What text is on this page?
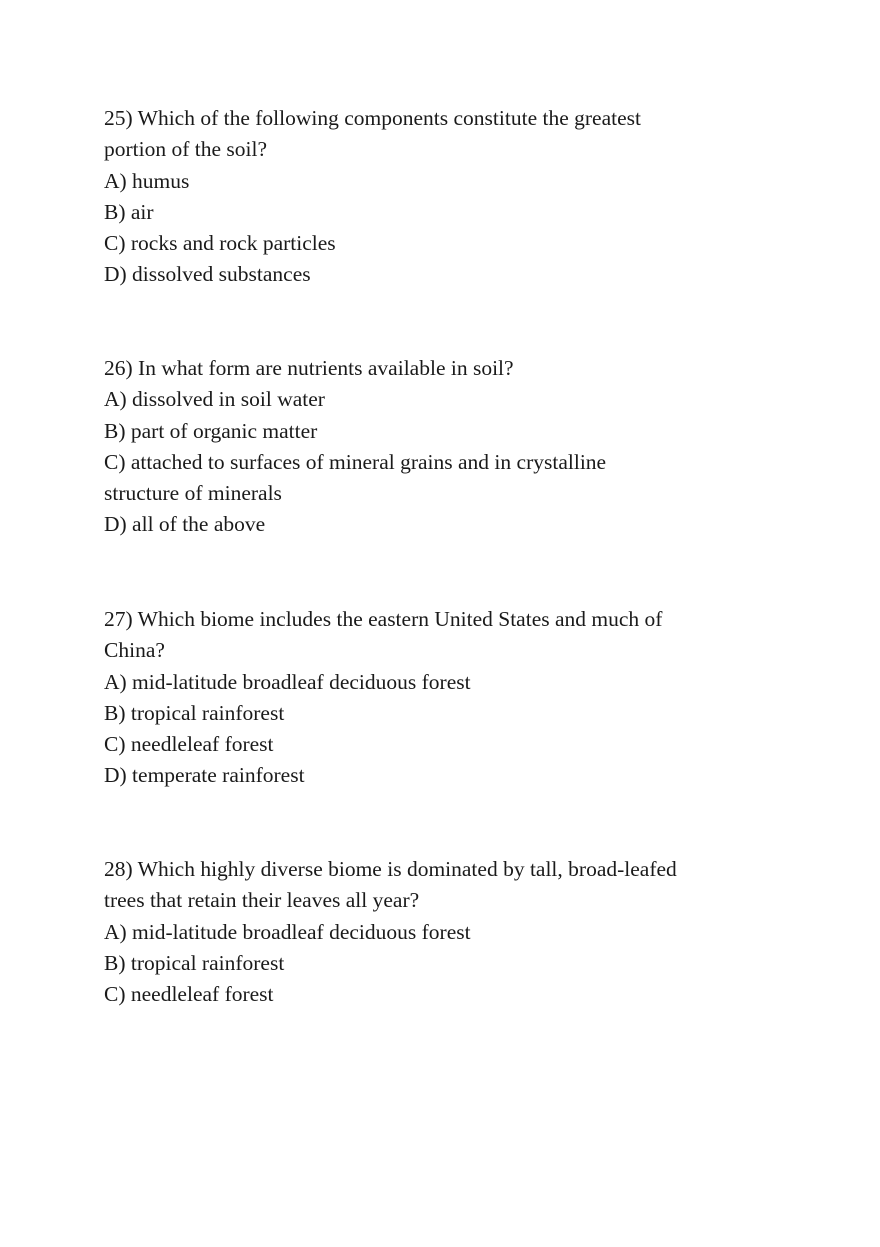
25) Which of the following components constitute the greatest portion of the soil?

A) humus

B) air

C) rocks and rock particles

D) dissolved substances

26) In what form are nutrients available in soil?

A) dissolved in soil water

B) part of organic matter

C) attached to surfaces of mineral grains and in crystalline structure of minerals

D) all of the above

27) Which biome includes the eastern United States and much of China?

A) mid-latitude broadleaf deciduous forest

B) tropical rainforest

C) needleleaf forest

D) temperate rainforest

28) Which highly diverse biome is dominated by tall, broad-leafed trees that retain their leaves all year?

A) mid-latitude broadleaf deciduous forest

B) tropical rainforest

C) needleleaf forest
